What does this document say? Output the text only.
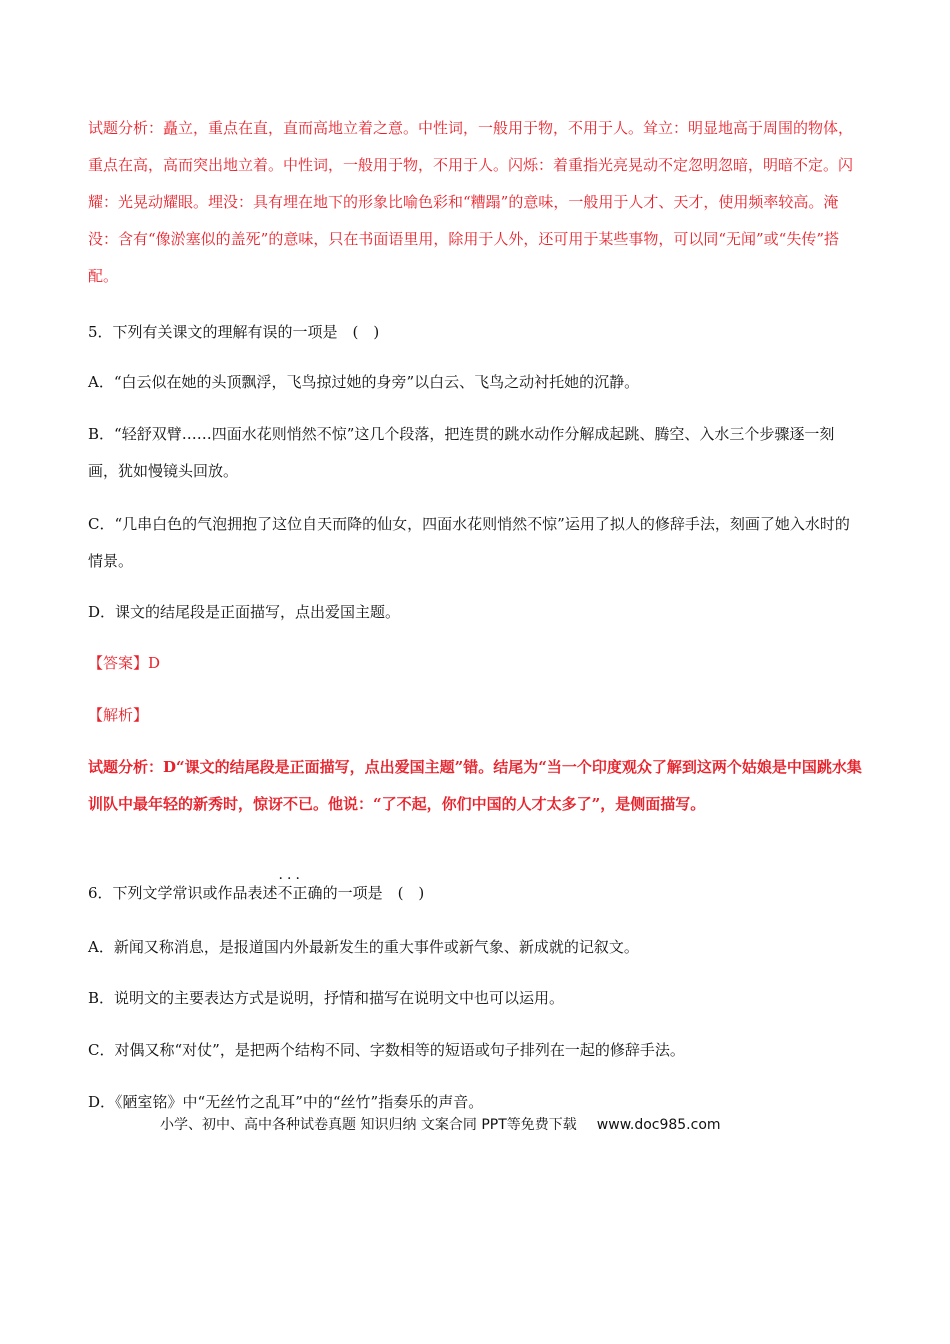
试题分析：矗立，重点在直，直而高地立着之意。中性词，一般用于物，不用于人。耸立：明显地高于周围的物体，重点在高，高而突出地立着。中性词，一般用于物，不用于人。闪烁：着重指光亮晃动不定忽明忽暗，明暗不定。闪耀：光晃动耀眼。埋没：具有埋在地下的形象比喻色彩和“糟蹋”的意味，一般用于人才、天才，使用频率较高。淹没：含有“像淤塞似的盖死”的意味，只在书面语里用，除用于人外，还可用于某些事物，可以同“无闻”或“失传”搭配。

5．下列有关课文的理解有误的一项是　(　)
A．“白云似在她的头顶飘浮，飞鸟掠过她的身旁”以白云、飞鸟之动衬托她的沉静。

B．“轻舒双臂……四面水花则悄然不惊”这几个段落，把连贯的跳水动作分解成起跳、腾空、入水三个步骤逐一刻画，犹如慢镜头回放。

C．“几串白色的气泡拥抱了这位自天而降的仙女，四面水花则悄然不惊”运用了拟人的修辞手法，刻画了她入水时的情景。

D．课文的结尾段是正面描写，点出爱国主题。
【答案】D
【解析】

试题分析：D“课文的结尾段是正面描写，点出爱国主题”错。结尾为“当一个印度观众了解到这两个姑娘是中国跳水集训队中最年轻的新秀时，惊讶不已。他说：“了不起，你们中国的人才太多了”，是侧面描写。

6．下列文学常识或作品表述··· 不正确的一项是　(　)
A．新闻又称消息，是报道国内外最新发生的重大事件或新气象、新成就的记叙文。
B．说明文的主要表达方式是说明，抒情和描写在说明文中也可以运用。
C．对偶又称“对仗”，是把两个结构不同、字数相等的短语或句子排列在一起的修辞手法。
D．《陋室铭》中“无丝竹之乱耳”中的“丝竹”指奏乐的声音。
小学、初中、高中各种试卷真题 知识归纳 文案合同 PPT等免费下载 www.doc985.com
